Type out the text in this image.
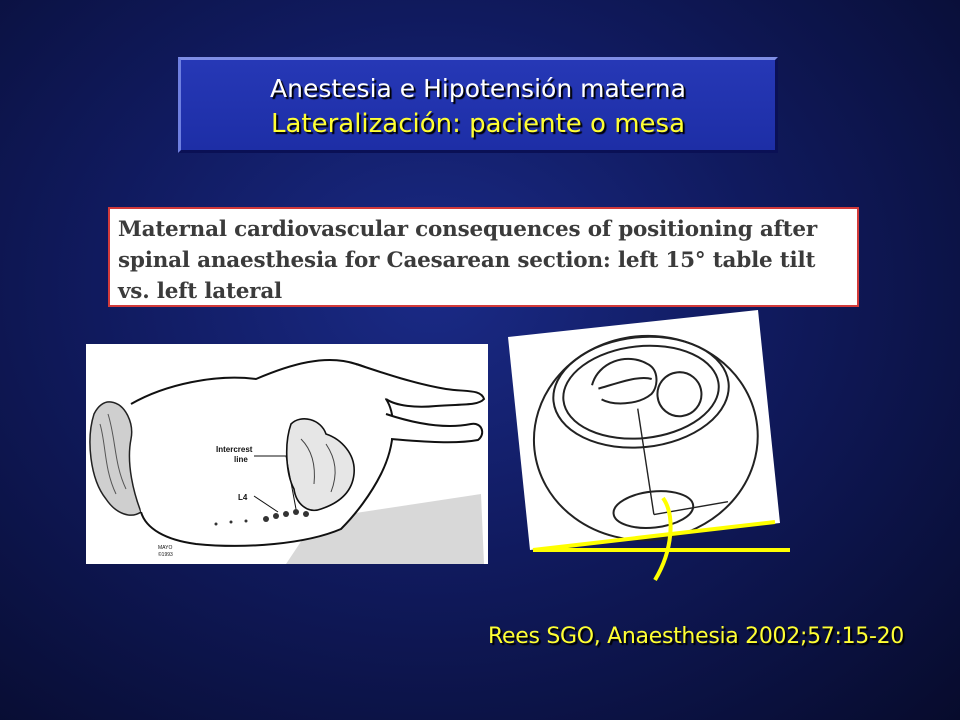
Anestesia e Hipotensión materna
Lateralización: paciente o mesa
Maternal cardiovascular consequences of positioning after spinal anaesthesia for Caesarean section: left 15° table tilt vs. left lateral
Intercrest
line
L4
MAYO
©1993
Rees SGO, Anaesthesia 2002;57:15-20
